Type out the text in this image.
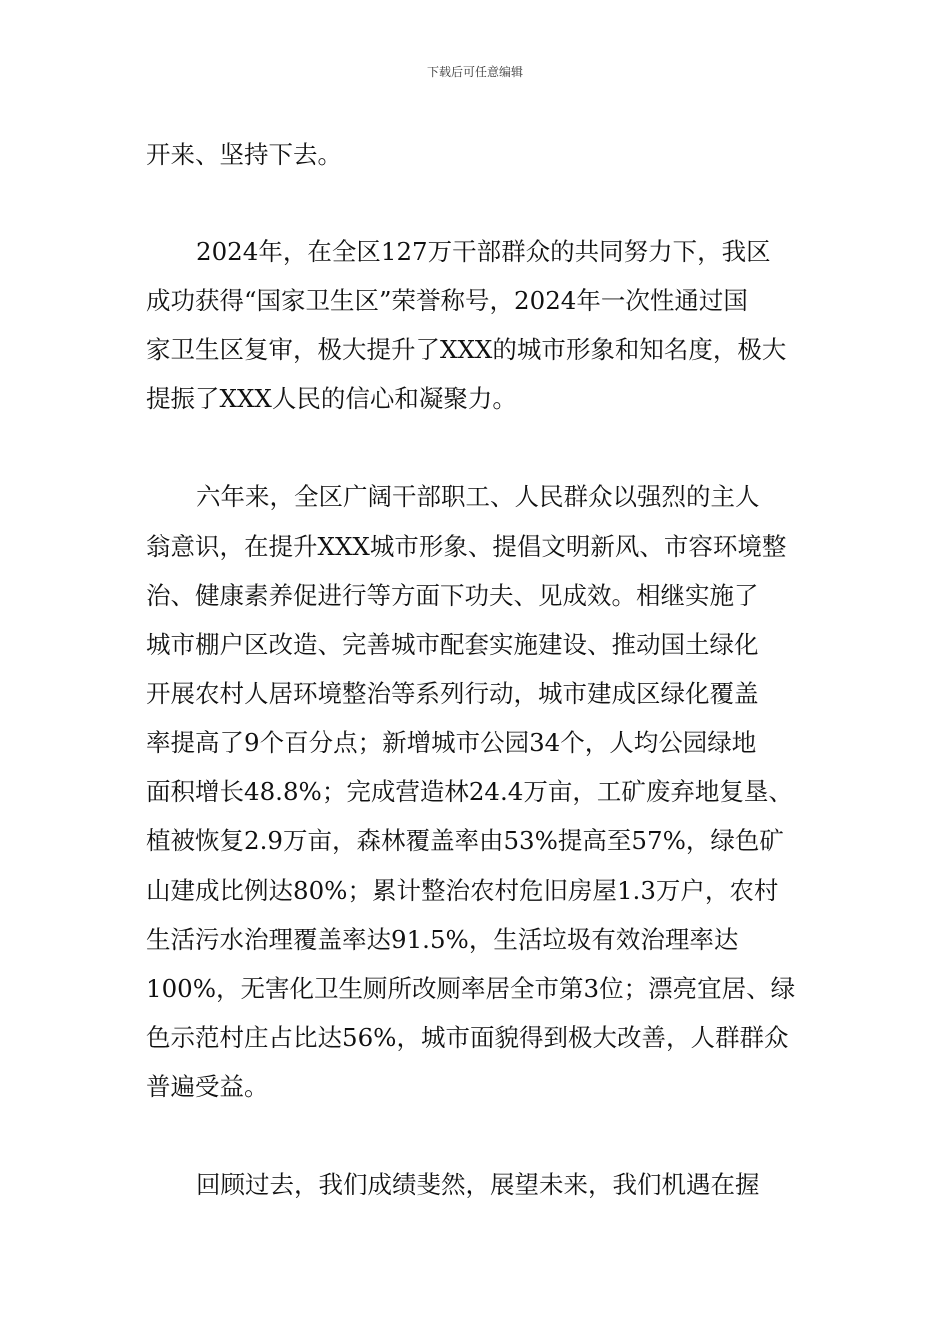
下载后可任意编辑
开来、坚持下去。
2024年，在全区127万干部群众的共同努力下，我区
成功获得“国家卫生区”荣誉称号，2024年一次性通过国
家卫生区复审，极大提升了XXX的城市形象和知名度，极大
提振了XXX人民的信心和凝聚力。
六年来，全区广阔干部职工、人民群众以强烈的主人
翁意识，在提升XXX城市形象、提倡文明新风、市容环境整
治、健康素养促进行等方面下功夫、见成效。相继实施了
城市棚户区改造、完善城市配套实施建设、推动国土绿化
开展农村人居环境整治等系列行动，城市建成区绿化覆盖
率提高了9个百分点；新增城市公园34个，人均公园绿地
面积增长48.8%；完成营造林24.4万亩，工矿废弃地复垦、
植被恢复2.9万亩，森林覆盖率由53%提高至57%，绿色矿
山建成比例达80%；累计整治农村危旧房屋1.3万户，农村
生活污水治理覆盖率达91.5%，生活垃圾有效治理率达
100%，无害化卫生厕所改厕率居全市第3位；漂亮宜居、绿
色示范村庄占比达56%，城市面貌得到极大改善，人群群众
普遍受益。
回顾过去，我们成绩斐然，展望未来，我们机遇在握
